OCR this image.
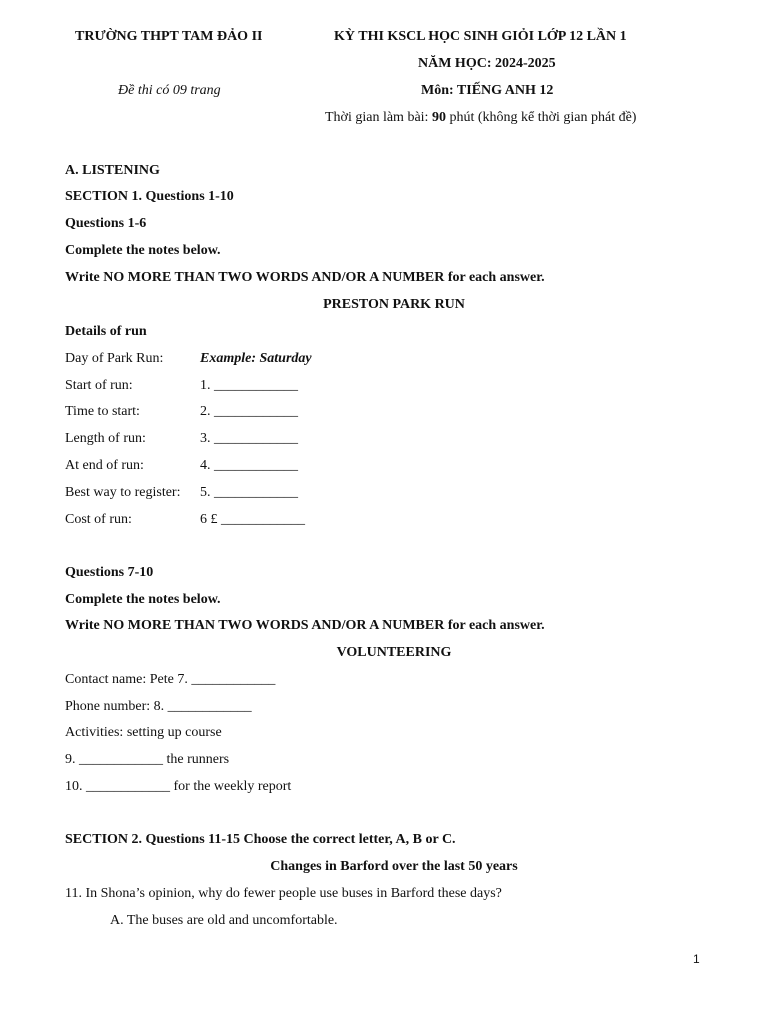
TRƯỜNG THPT TAM ĐẢO II	KỲ THI KSCL HỌC SINH GIỎI LỚP 12 LẦN 1
NĂM HỌC: 2024-2025
Đề thi có 09 trang	Môn: TIẾNG ANH 12
Thời gian làm bài: 90 phút (không kể thời gian phát đề)
A. LISTENING
SECTION 1. Questions 1-10
Questions 1-6
Complete the notes below.
Write NO MORE THAN TWO WORDS AND/OR A NUMBER for each answer.
PRESTON PARK RUN
Details of run
Day of Park Run:	Example: Saturday
Start of run:	1. ____________
Time to start:	2. ____________
Length of run:	3. ____________
At end of run:	4. ____________
Best way to register: 5. ____________
Cost of run:	6 £ ____________
Questions 7-10
Complete the notes below.
Write NO MORE THAN TWO WORDS AND/OR A NUMBER for each answer.
VOLUNTEERING
Contact name: Pete 7. ____________
Phone number: 8. ____________
Activities: setting up course
9. ____________ the runners
10. ____________ for the weekly report
SECTION 2. Questions 11-15 Choose the correct letter, A, B or C.
Changes in Barford over the last 50 years
11. In Shona’s opinion, why do fewer people use buses in Barford these days?
A. The buses are old and uncomfortable.
1
